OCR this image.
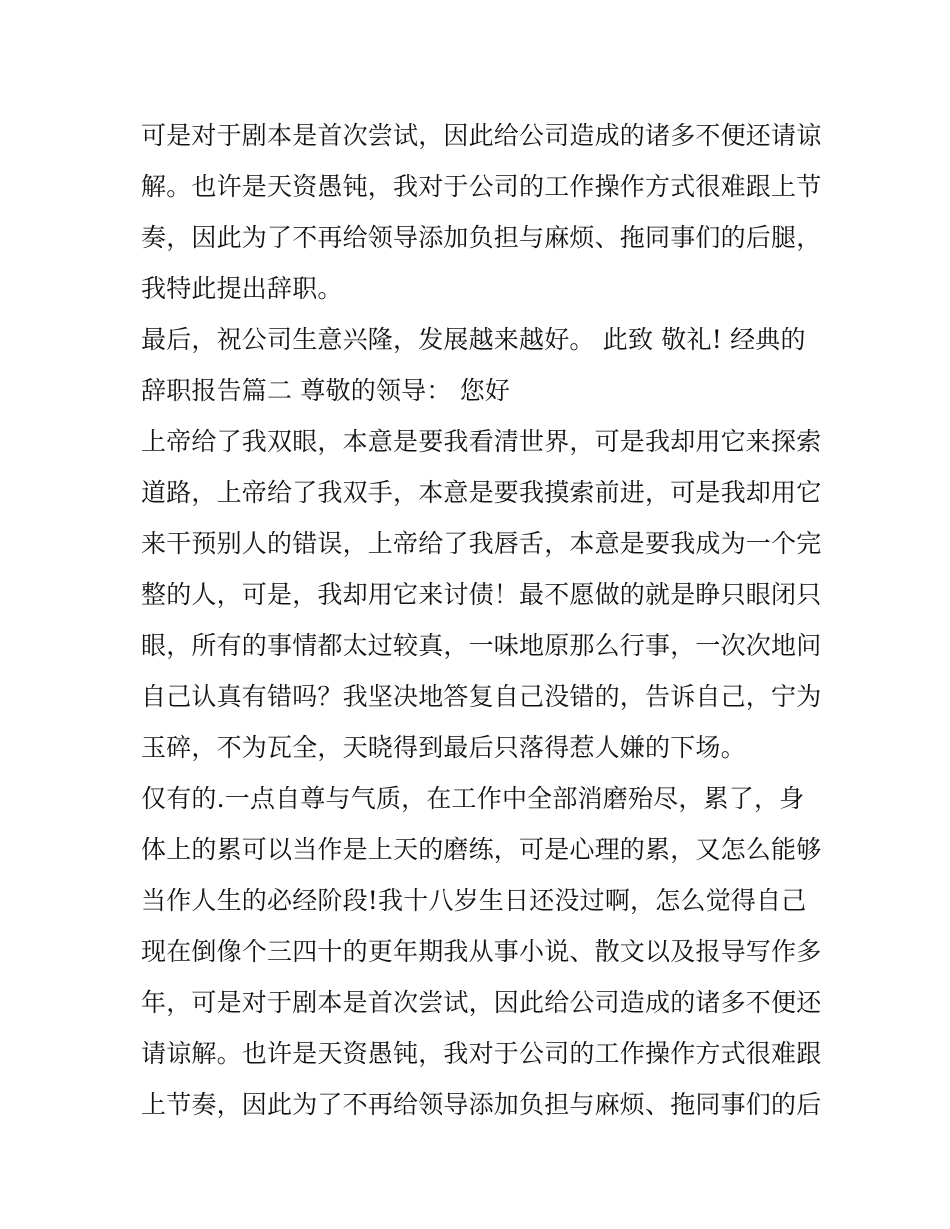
可是对于剧本是首次尝试，因此给公司造成的诸多不便还请谅
解。也许是天资愚钝，我对于公司的工作操作方式很难跟上节
奏，因此为了不再给领导添加负担与麻烦、拖同事们的后腿，
我特此提出辞职。
最后，祝公司生意兴隆，发展越来越好。 此致 敬礼! 经典的
辞职报告篇二 尊敬的领导： 您好
上帝给了我双眼，本意是要我看清世界，可是我却用它来探索
道路，上帝给了我双手，本意是要我摸索前进，可是我却用它
来干预别人的错误，上帝给了我唇舌，本意是要我成为一个完
整的人，可是，我却用它来讨债！最不愿做的就是睁只眼闭只
眼，所有的事情都太过较真，一味地原那么行事，一次次地问
自己认真有错吗？我坚决地答复自己没错的，告诉自己，宁为
玉碎，不为瓦全，天晓得到最后只落得惹人嫌的下场。
仅有的.一点自尊与气质，在工作中全部消磨殆尽，累了，身
体上的累可以当作是上天的磨练，可是心理的累，又怎么能够
当作人生的必经阶段!我十八岁生日还没过啊，怎么觉得自己
现在倒像个三四十的更年期我从事小说、散文以及报导写作多
年，可是对于剧本是首次尝试，因此给公司造成的诸多不便还
请谅解。也许是天资愚钝，我对于公司的工作操作方式很难跟
上节奏，因此为了不再给领导添加负担与麻烦、拖同事们的后
